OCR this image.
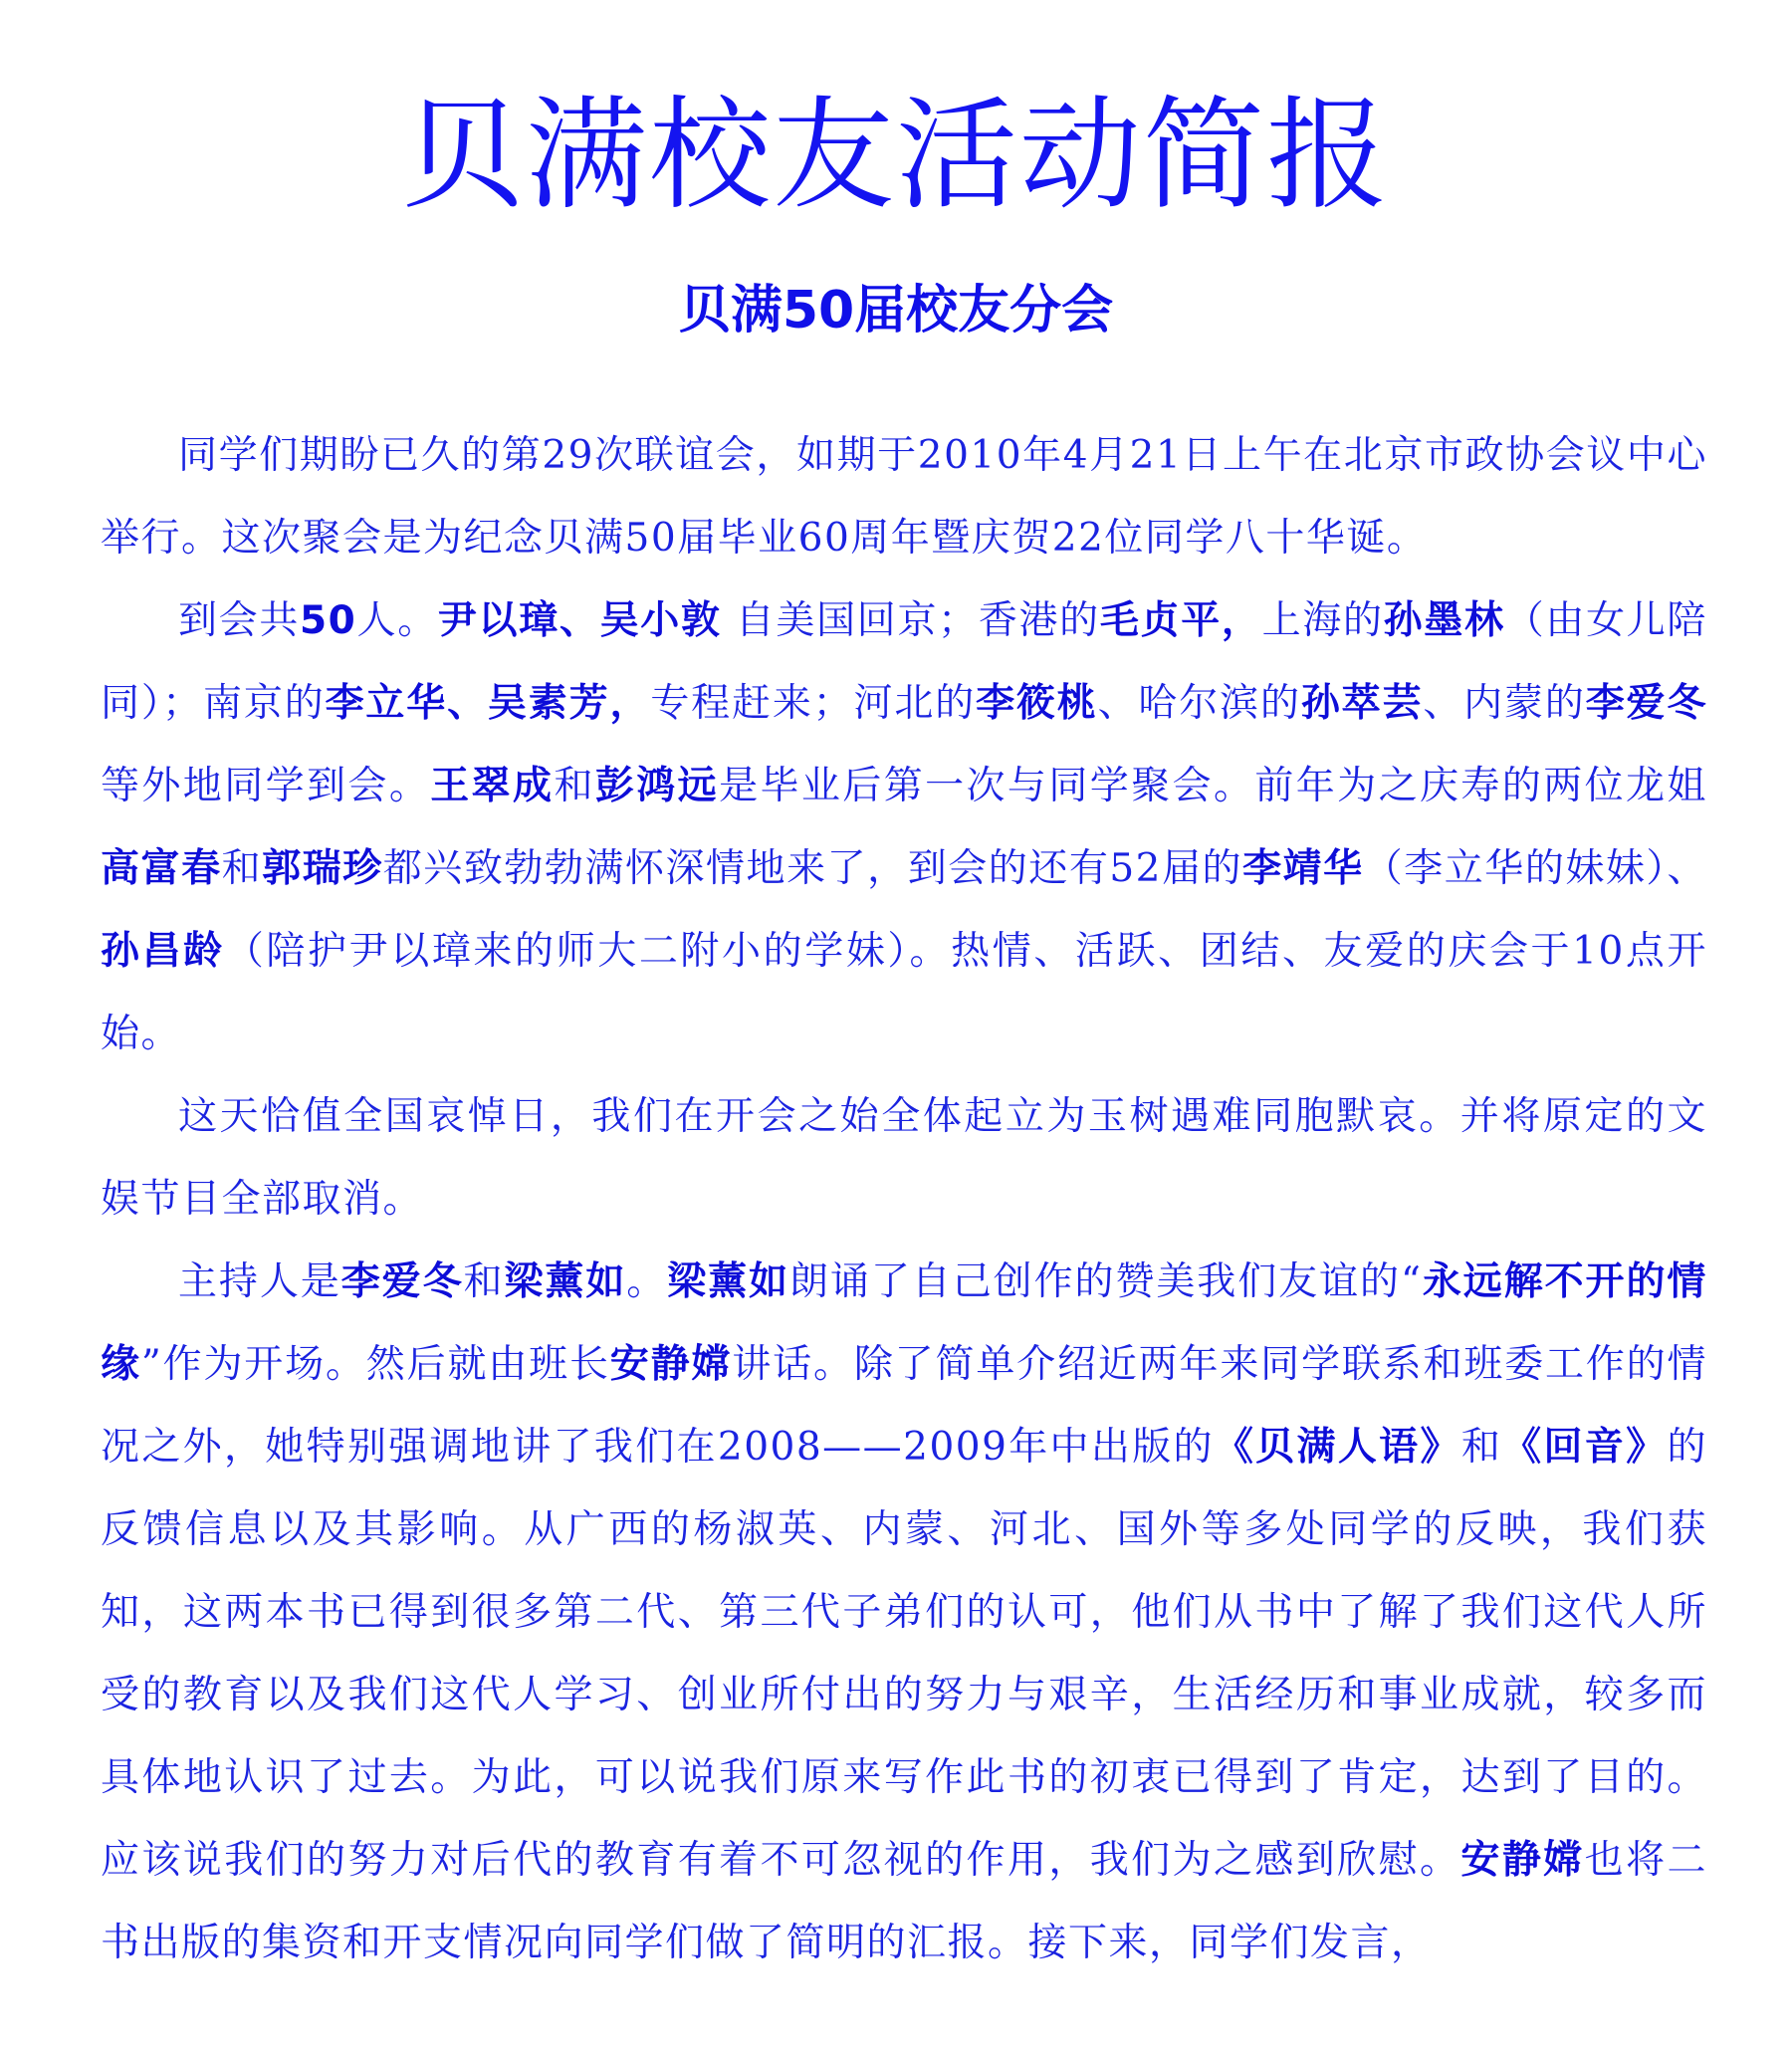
贝满校友活动简报
贝满50届校友分会

同学们期盼已久的第29次联谊会，如期于2010年4月21日上午在北京市政协会议中心举行。这次聚会是为纪念贝满50届毕业60周年暨庆贺22位同学八十华诞。

到会共50人。尹以璋、吴小敦 自美国回京；香港的毛贞平，上海的孙墨林（由女儿陪同）；南京的李立华、吴素芳，专程赶来；河北的李筱桃、哈尔滨的孙萃芸、内蒙的李爱冬等外地同学到会。王翠成和彭鸿远是毕业后第一次与同学聚会。前年为之庆寿的两位龙姐高富春和郭瑞珍都兴致勃勃满怀深情地来了，到会的还有52届的李靖华（李立华的妹妹）、孙昌龄（陪护尹以璋来的师大二附小的学妹）。热情、活跃、团结、友爱的庆会于10点开始。

这天恰值全国哀悼日，我们在开会之始全体起立为玉树遇难同胞默哀。并将原定的文娱节目全部取消。

主持人是李爱冬和梁薰如。梁薰如朗诵了自己创作的赞美我们友谊的“永远解不开的情缘”作为开场。然后就由班长安静嫦讲话。除了简单介绍近两年来同学联系和班委工作的情况之外，她特别强调地讲了我们在2008——2009年中出版的《贝满人语》和《回音》的反馈信息以及其影响。从广西的杨淑英、内蒙、河北、国外等多处同学的反映，我们获知，这两本书已得到很多第二代、第三代子弟们的认可，他们从书中了解了我们这代人所受的教育以及我们这代人学习、创业所付出的努力与艰辛，生活经历和事业成就，较多而具体地认识了过去。为此，可以说我们原来写作此书的初衷已得到了肯定，达到了目的。应该说我们的努力对后代的教育有着不可忽视的作用，我们为之感到欣慰。安静嫦也将二书出版的集资和开支情况向同学们做了简明的汇报。接下来，同学们发言，
